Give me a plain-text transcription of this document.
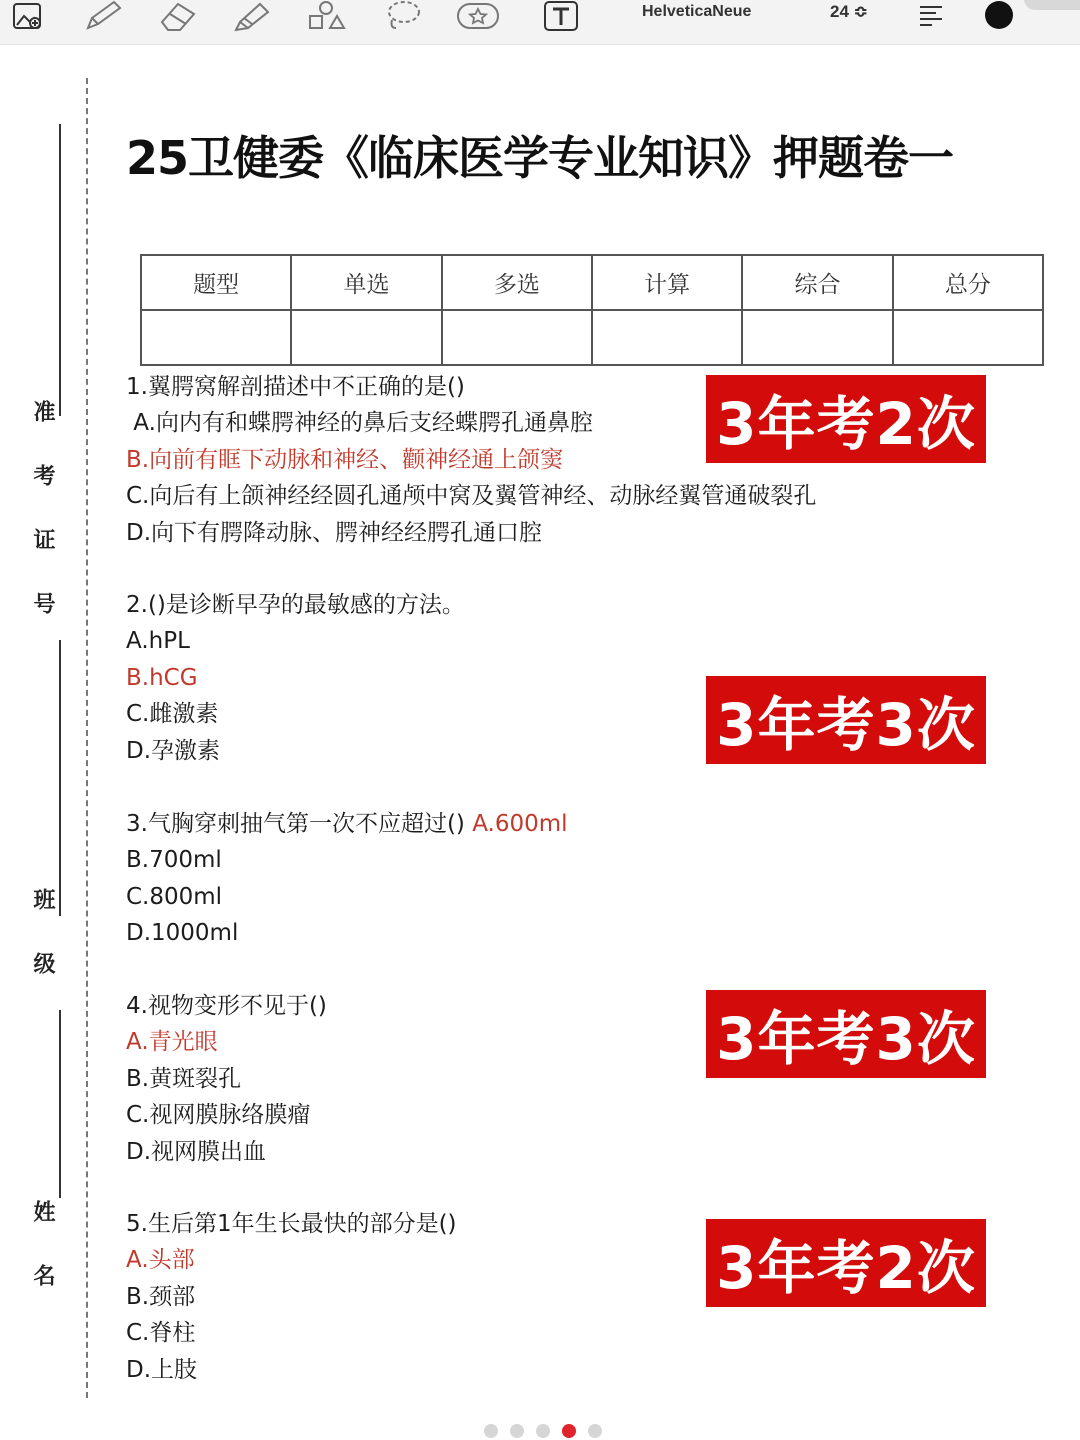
HelveticaNeue	24 ≎
准考证号
班级
姓名
25卫健委《临床医学专业知识》押题卷一
题型	单选	多选	计算	综合	总分

1.翼腭窝解剖描述中不正确的是()
A.向内有和蝶腭神经的鼻后支经蝶腭孔通鼻腔
B.向前有眶下动脉和神经、颧神经通上颌窦
C.向后有上颌神经经圆孔通颅中窝及翼管神经、动脉经翼管通破裂孔
D.向下有腭降动脉、腭神经经腭孔通口腔
3年考2次
2.()是诊断早孕的最敏感的方法。
A.hPL
B.hCG
C.雌激素
D.孕激素	3年考3次
3.气胸穿刺抽气第一次不应超过() A.600ml
B.700ml
C.800ml
D.1000ml
4.视物变形不见于()
A.青光眼
B.黄斑裂孔
C.视网膜脉络膜瘤
D.视网膜出血
3年考3次
5.生后第1年生长最快的部分是()
A.头部
B.颈部
C.脊柱
D.上肢
3年考2次
